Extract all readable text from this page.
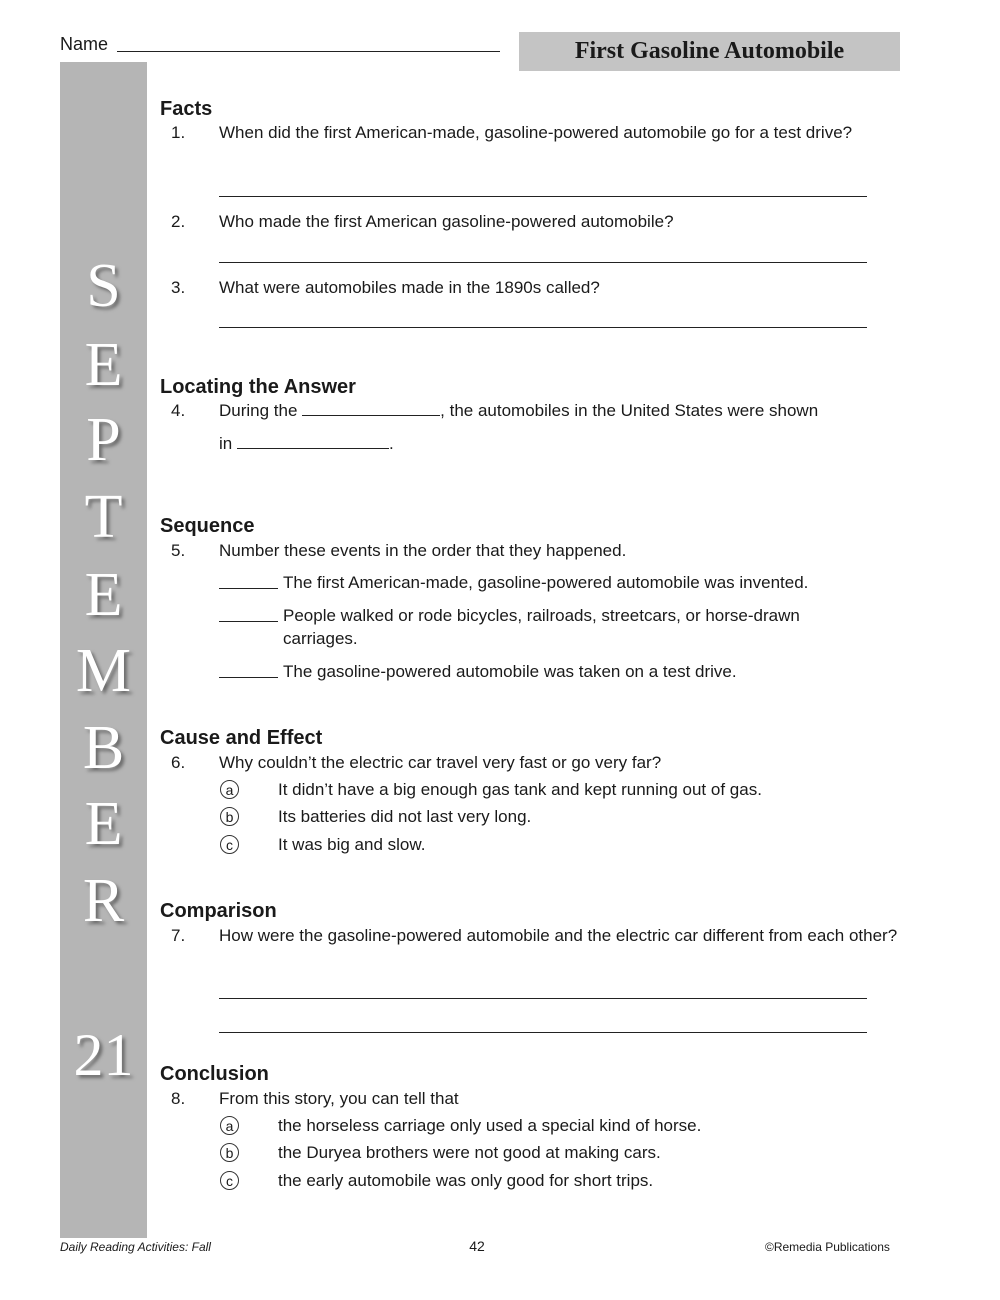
Name	First Gasoline Automobile
S
E
P
T
E
M
B
E
R
21
Facts
1. When did the first American-made, gasoline-powered automobile go for a test drive?
2. Who made the first American gasoline-powered automobile?
3. What were automobiles made in the 1890s called?
Locating the Answer
4. During the	, the automobiles in the United States were shown
in	.
Sequence
5. Number these events in the order that they happened.
The first American-made, gasoline-powered automobile was invented.
People walked or rode bicycles, railroads, streetcars, or horse-drawn carriages.
The gasoline-powered automobile was taken on a test drive.
Cause and Effect
6. Why couldn’t the electric car travel very fast or go very far?
a	It didn’t have a big enough gas tank and kept running out of gas.
b	Its batteries did not last very long.
c	It was big and slow.
Comparison
7. How were the gasoline-powered automobile and the electric car different from each other?
Conclusion
8. From this story, you can tell that
a	the horseless carriage only used a special kind of horse.
b	the Duryea brothers were not good at making cars.
c	the early automobile was only good for short trips.
Daily Reading Activities: Fall	42	©Remedia Publications
